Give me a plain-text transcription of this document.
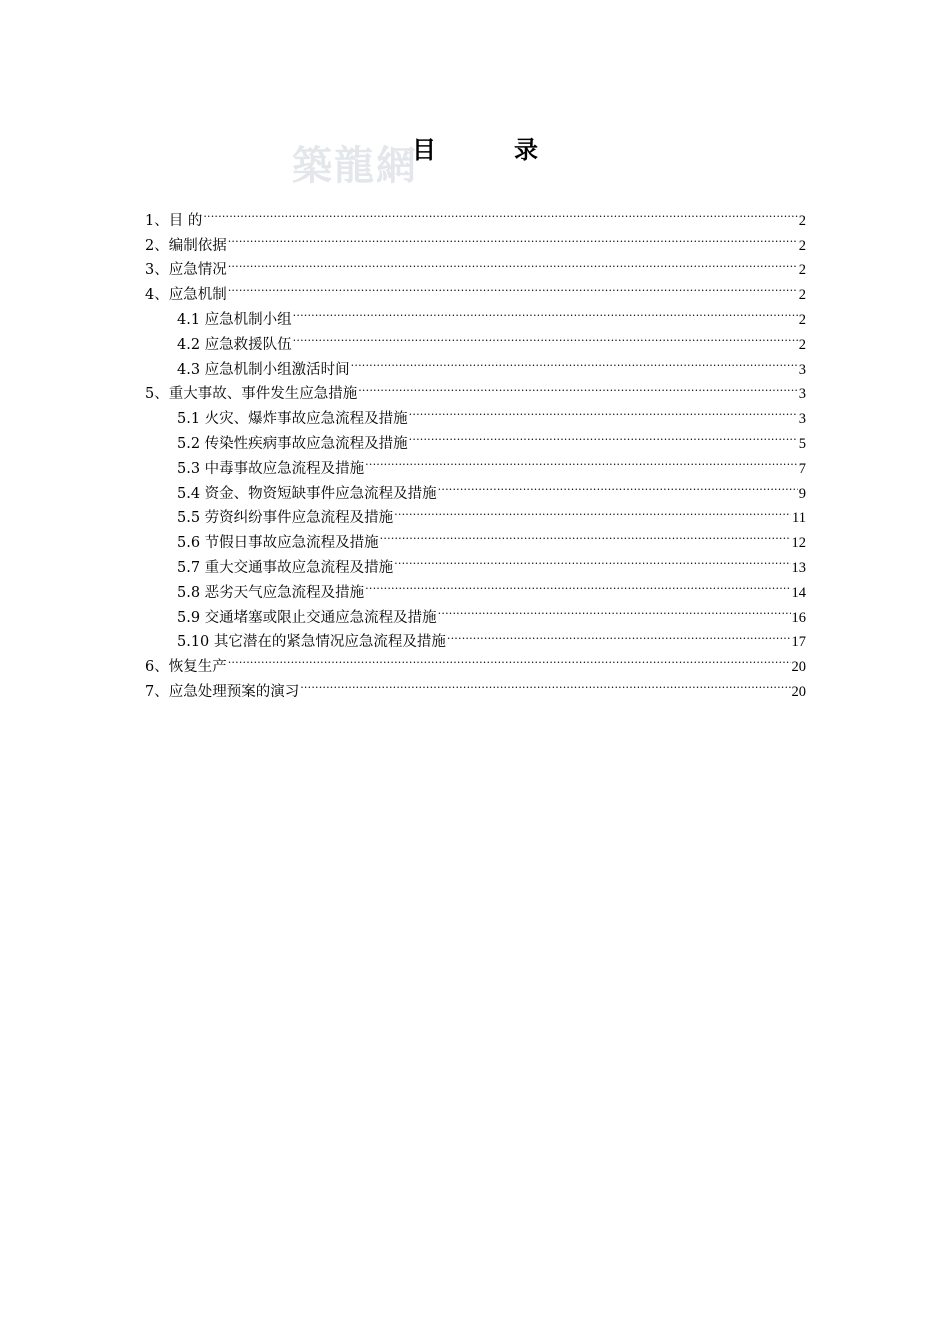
築龍網
目	录
1、目 的 .....	2
2、编制依据 .....	2
3、应急情况 .....	2
4、应急机制 .....	2
4.1 应急机制小组 .....	2
4.2 应急救援队伍 .....	2
4.3 应急机制小组激活时间 .....	3
5、重大事故、事件发生应急措施 .....	3
5.1 火灾、爆炸事故应急流程及措施 .....	3
5.2 传染性疾病事故应急流程及措施 .....	5
5.3 中毒事故应急流程及措施 .....	7
5.4 资金、物资短缺事件应急流程及措施 .....	9
5.5 劳资纠纷事件应急流程及措施 .....	11
5.6 节假日事故应急流程及措施 .....	12
5.7 重大交通事故应急流程及措施 .....	13
5.8 恶劣天气应急流程及措施 .....	14
5.9 交通堵塞或限止交通应急流程及措施 .....	16
5.10 其它潜在的紧急情况应急流程及措施 .....	17
6、恢复生产 .....	20
7、应急处理预案的演习 .....	20
